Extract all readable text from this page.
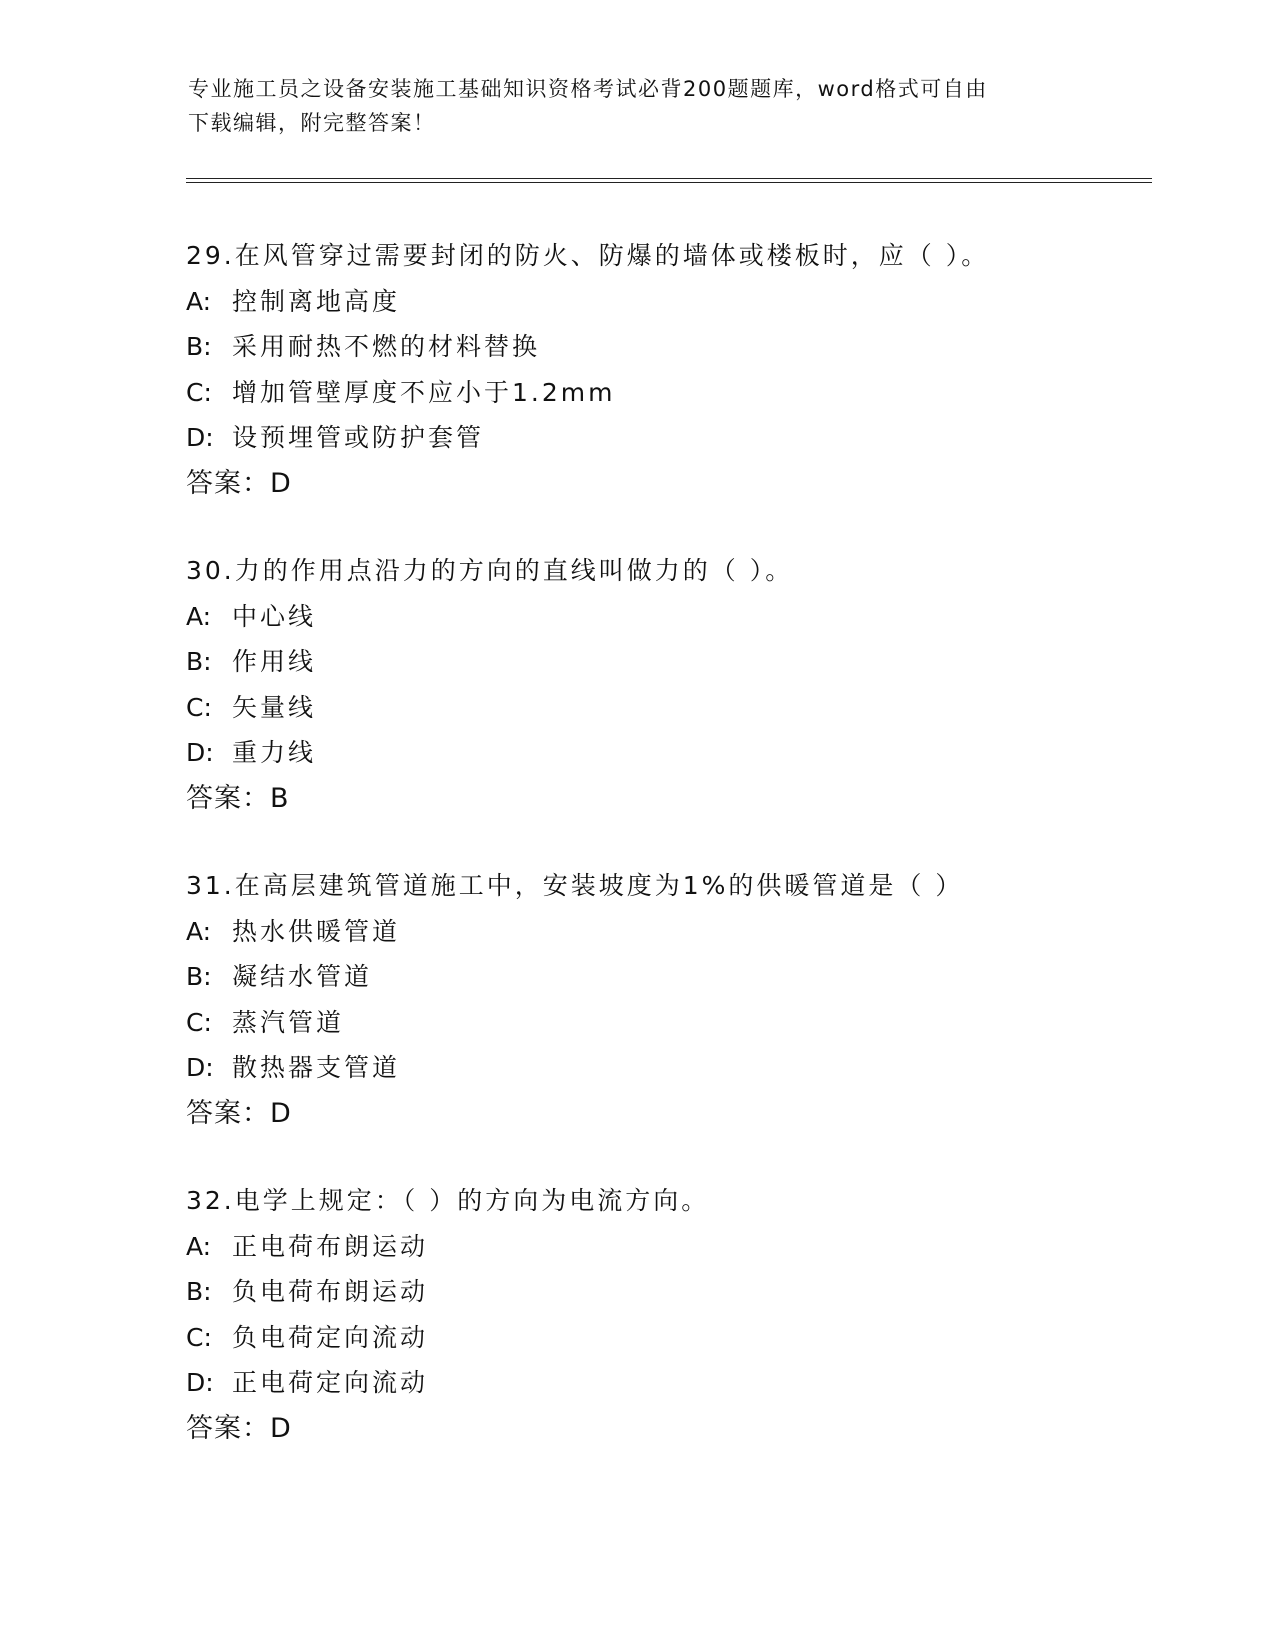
专业施工员之设备安装施工基础知识资格考试必背200题题库，word格式可自由
下载编辑，附完整答案！
29.在风管穿过需要封闭的防火、防爆的墙体或楼板时，应（ ）。
A: 控制离地高度
B: 采用耐热不燃的材料替换
C: 增加管壁厚度不应小于1.2mm
D: 设预埋管或防护套管
答案：D
30.力的作用点沿力的方向的直线叫做力的（ ）。
A: 中心线
B: 作用线
C: 矢量线
D: 重力线
答案：B
31.在高层建筑管道施工中，安装坡度为1%的供暖管道是（ ）
A: 热水供暖管道
B: 凝结水管道
C: 蒸汽管道
D: 散热器支管道
答案：D
32.电学上规定：（ ）的方向为电流方向。
A: 正电荷布朗运动
B: 负电荷布朗运动
C: 负电荷定向流动
D: 正电荷定向流动
答案：D
